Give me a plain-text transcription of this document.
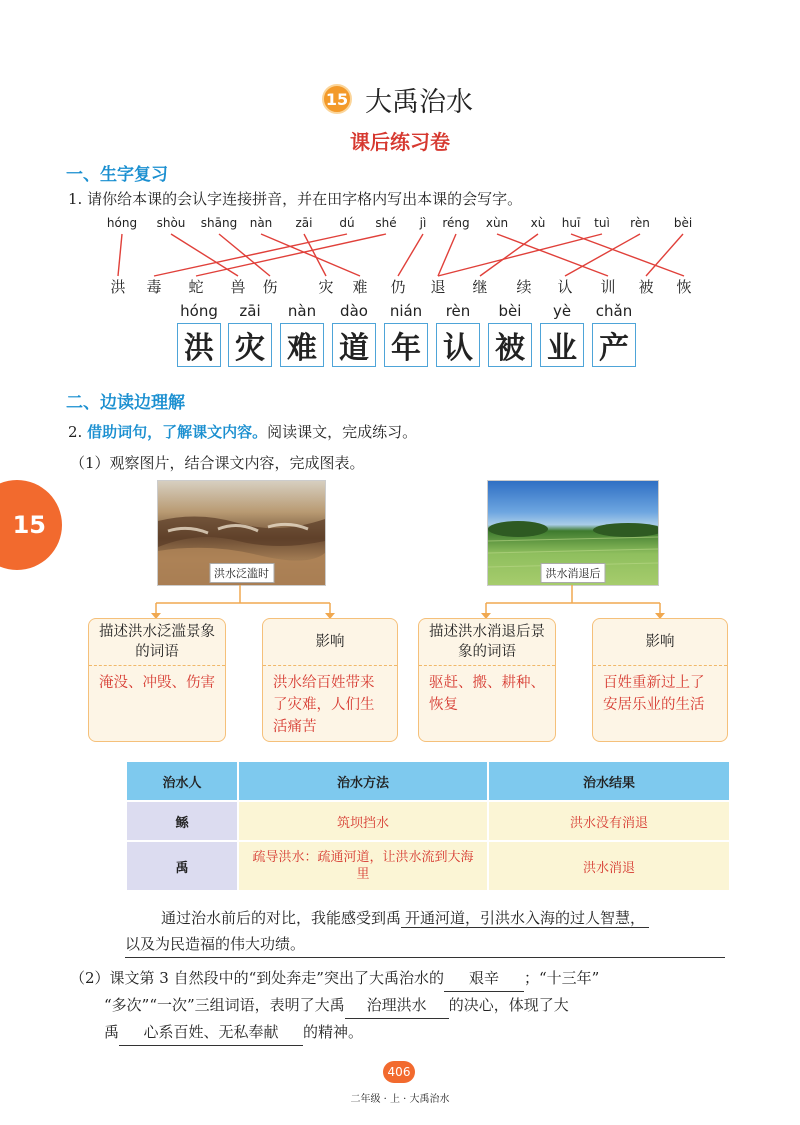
15 大禹治水
课后练习卷
一、生字复习
1. 请你给本课的会认字连接拼音，并在田字格内写出本课的会写字。
hóng shòu shāng nàn zāi dú shé jì réng xùn xù huī tuì rèn bèi
洪 毒 蛇 兽 伤	灾 难 仍 退 继 续 认 训 被 恢
hóng zāi nàn dào nián rèn bèi yè chǎn
洪 灾 难 道 年 认 被 业 产
15
二、边读边理解
2. 借助词句，了解课文内容。阅读课文，完成练习。
（1）观察图片，结合课文内容，完成图表。
洪水泛滥时	洪水消退后
描述洪水泛滥景象的词语
淹没、冲毁、伤害
影响
洪水给百姓带来了灾难，人们生活痛苦
描述洪水消退后景象的词语
驱赶、搬、耕种、恢复
影响
百姓重新过上了安居乐业的生活
治水人	治水方法	治水结果
鲧	筑坝挡水	洪水没有消退
禹	疏导洪水：疏通河道，让洪水流到大海里	洪水消退
通过治水前后的对比，我能感受到禹 开通河道，引洪水入海的过人智慧，
以及为民造福的伟大功绩。
（2）课文第 3 自然段中的“到处奔走”突出了大禹治水的 艰辛 ；“十三年”
“多次”“一次”三组词语，表明了大禹 治理洪水 的决心，体现了大
禹 心系百姓、无私奉献 的精神。
406
二年级 · 上 · 大禹治水
